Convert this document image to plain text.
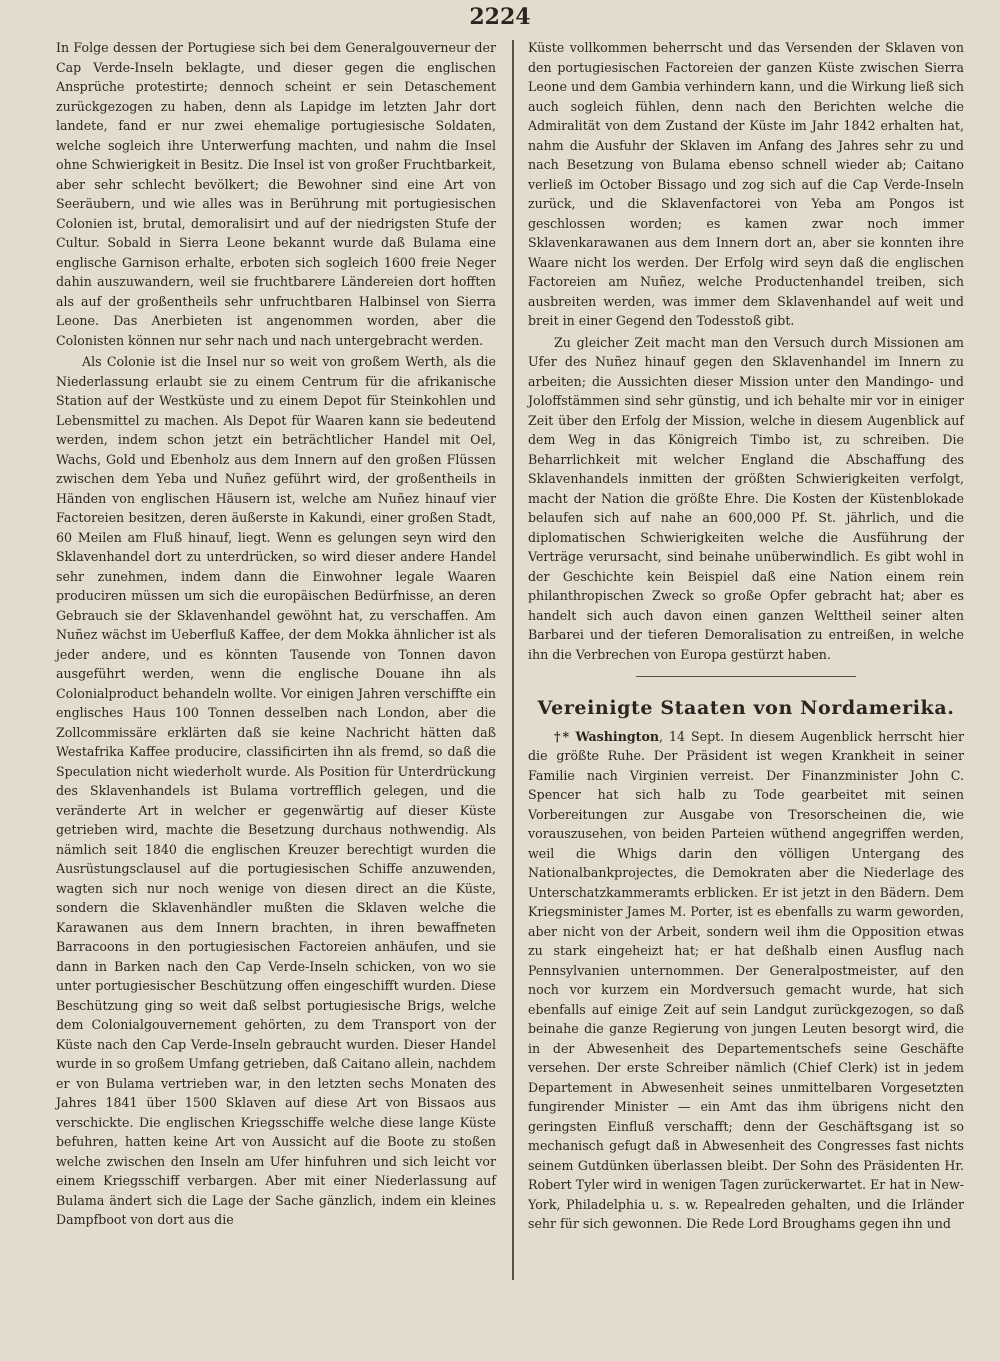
2224

In Folge dessen der Portugiese sich bei dem Generalgouverneur der Cap Verde-Inseln beklagte, und dieser gegen die englischen Ansprüche protestirte; dennoch scheint er sein Detaschement zurückgezogen zu haben, denn als Lapidge im letzten Jahr dort landete, fand er nur zwei ehemalige portugiesische Soldaten, welche sogleich ihre Unterwerfung machten, und nahm die Insel ohne Schwierigkeit in Besitz. Die Insel ist von großer Fruchtbarkeit, aber sehr schlecht bevölkert; die Bewohner sind eine Art von Seeräubern, und wie alles was in Berührung mit portugiesischen Colonien ist, brutal, demoralisirt und auf der niedrigsten Stufe der Cultur. Sobald in Sierra Leone bekannt wurde daß Bulama eine englische Garnison erhalte, erboten sich sogleich 1600 freie Neger dahin auszuwandern, weil sie fruchtbarere Ländereien dort hofften als auf der großentheils sehr unfruchtbaren Halbinsel von Sierra Leone. Das Anerbieten ist angenommen worden, aber die Colonisten können nur sehr nach und nach untergebracht werden.

Als Colonie ist die Insel nur so weit von großem Werth, als die Niederlassung erlaubt sie zu einem Centrum für die afrikanische Station auf der Westküste und zu einem Depot für Steinkohlen und Lebensmittel zu machen. Als Depot für Waaren kann sie bedeutend werden, indem schon jetzt ein beträchtlicher Handel mit Oel, Wachs, Gold und Ebenholz aus dem Innern auf den großen Flüssen zwischen dem Yeba und Nuñez geführt wird, der großentheils in Händen von englischen Häusern ist, welche am Nuñez hinauf vier Factoreien besitzen, deren äußerste in Kakundi, einer großen Stadt, 60 Meilen am Fluß hinauf, liegt. Wenn es gelungen seyn wird den Sklavenhandel dort zu unterdrücken, so wird dieser andere Handel sehr zunehmen, indem dann die Einwohner legale Waaren produciren müssen um sich die europäischen Bedürfnisse, an deren Gebrauch sie der Sklavenhandel gewöhnt hat, zu verschaffen. Am Nuñez wächst im Ueberfluß Kaffee, der dem Mokka ähnlicher ist als jeder andere, und es könnten Tausende von Tonnen davon ausgeführt werden, wenn die englische Douane ihn als Colonialproduct behandeln wollte. Vor einigen Jahren verschiffte ein englisches Haus 100 Tonnen desselben nach London, aber die Zollcommissäre erklärten daß sie keine Nachricht hätten daß Westafrika Kaffee producire, classificirten ihn als fremd, so daß die Speculation nicht wiederholt wurde. Als Position für Unterdrückung des Sklavenhandels ist Bulama vortrefflich gelegen, und die veränderte Art in welcher er gegenwärtig auf dieser Küste getrieben wird, machte die Besetzung durchaus nothwendig. Als nämlich seit 1840 die englischen Kreuzer berechtigt wurden die Ausrüstungsclausel auf die portugiesischen Schiffe anzuwenden, wagten sich nur noch wenige von diesen direct an die Küste, sondern die Sklavenhändler mußten die Sklaven welche die Karawanen aus dem Innern brachten, in ihren bewaffneten Barracoons in den portugiesischen Factoreien anhäufen, und sie dann in Barken nach den Cap Verde-Inseln schicken, von wo sie unter portugiesischer Beschützung offen eingeschifft wurden. Diese Beschützung ging so weit daß selbst portugiesische Brigs, welche dem Colonialgouvernement gehörten, zu dem Transport von der Küste nach den Cap Verde-Inseln gebraucht wurden. Dieser Handel wurde in so großem Umfang getrieben, daß Caitano allein, nachdem er von Bulama vertrieben war, in den letzten sechs Monaten des Jahres 1841 über 1500 Sklaven auf diese Art von Bissaos aus verschickte. Die englischen Kriegsschiffe welche diese lange Küste befuhren, hatten keine Art von Aussicht auf die Boote zu stoßen welche zwischen den Inseln am Ufer hinfuhren und sich leicht vor einem Kriegsschiff verbargen. Aber mit einer Niederlassung auf Bulama ändert sich die Lage der Sache gänzlich, indem ein kleines Dampfboot von dort aus die

Küste vollkommen beherrscht und das Versenden der Sklaven von den portugiesischen Factoreien der ganzen Küste zwischen Sierra Leone und dem Gambia verhindern kann, und die Wirkung ließ sich auch sogleich fühlen, denn nach den Berichten welche die Admiralität von dem Zustand der Küste im Jahr 1842 erhalten hat, nahm die Ausfuhr der Sklaven im Anfang des Jahres sehr zu und nach Besetzung von Bulama ebenso schnell wieder ab; Caitano verließ im October Bissago und zog sich auf die Cap Verde-Inseln zurück, und die Sklavenfactorei von Yeba am Pongos ist geschlossen worden; es kamen zwar noch immer Sklavenkarawanen aus dem Innern dort an, aber sie konnten ihre Waare nicht los werden. Der Erfolg wird seyn daß die englischen Factoreien am Nuñez, welche Productenhandel treiben, sich ausbreiten werden, was immer dem Sklavenhandel auf weit und breit in einer Gegend den Todesstoß gibt.

Zu gleicher Zeit macht man den Versuch durch Missionen am Ufer des Nuñez hinauf gegen den Sklavenhandel im Innern zu arbeiten; die Aussichten dieser Mission unter den Mandingo- und Joloffstämmen sind sehr günstig, und ich behalte mir vor in einiger Zeit über den Erfolg der Mission, welche in diesem Augenblick auf dem Weg in das Königreich Timbo ist, zu schreiben. Die Beharrlichkeit mit welcher England die Abschaffung des Sklavenhandels inmitten der größten Schwierigkeiten verfolgt, macht der Nation die größte Ehre. Die Kosten der Küstenblokade belaufen sich auf nahe an 600,000 Pf. St. jährlich, und die diplomatischen Schwierigkeiten welche die Ausführung der Verträge verursacht, sind beinahe unüberwindlich. Es gibt wohl in der Geschichte kein Beispiel daß eine Nation einem rein philanthropischen Zweck so große Opfer gebracht hat; aber es handelt sich auch davon einen ganzen Welttheil seiner alten Barbarei und der tieferen Demoralisation zu entreißen, in welche ihn die Verbrechen von Europa gestürzt haben.

Vereinigte Staaten von Nordamerika.

†* Washington, 14 Sept. In diesem Augenblick herrscht hier die größte Ruhe. Der Präsident ist wegen Krankheit in seiner Familie nach Virginien verreist. Der Finanzminister John C. Spencer hat sich halb zu Tode gearbeitet mit seinen Vorbereitungen zur Ausgabe von Tresorscheinen die, wie vorauszusehen, von beiden Parteien wüthend angegriffen werden, weil die Whigs darin den völligen Untergang des Nationalbankprojectes, die Demokraten aber die Niederlage des Unterschatzkammeramts erblicken. Er ist jetzt in den Bädern. Dem Kriegsminister James M. Porter, ist es ebenfalls zu warm geworden, aber nicht von der Arbeit, sondern weil ihm die Opposition etwas zu stark eingeheizt hat; er hat deßhalb einen Ausflug nach Pennsylvanien unternommen. Der Generalpostmeister, auf den noch vor kurzem ein Mordversuch gemacht wurde, hat sich ebenfalls auf einige Zeit auf sein Landgut zurückgezogen, so daß beinahe die ganze Regierung von jungen Leuten besorgt wird, die in der Abwesenheit des Departementschefs seine Geschäfte versehen. Der erste Schreiber nämlich (Chief Clerk) ist in jedem Departement in Abwesenheit seines unmittelbaren Vorgesetzten fungirender Minister — ein Amt das ihm übrigens nicht den geringsten Einfluß verschafft; denn der Geschäftsgang ist so mechanisch gefugt daß in Abwesenheit des Congresses fast nichts seinem Gutdünken überlassen bleibt. Der Sohn des Präsidenten Hr. Robert Tyler wird in wenigen Tagen zurückerwartet. Er hat in New-York, Philadelphia u. s. w. Repealreden gehalten, und die Irländer sehr für sich gewonnen. Die Rede Lord Broughams gegen ihn und
